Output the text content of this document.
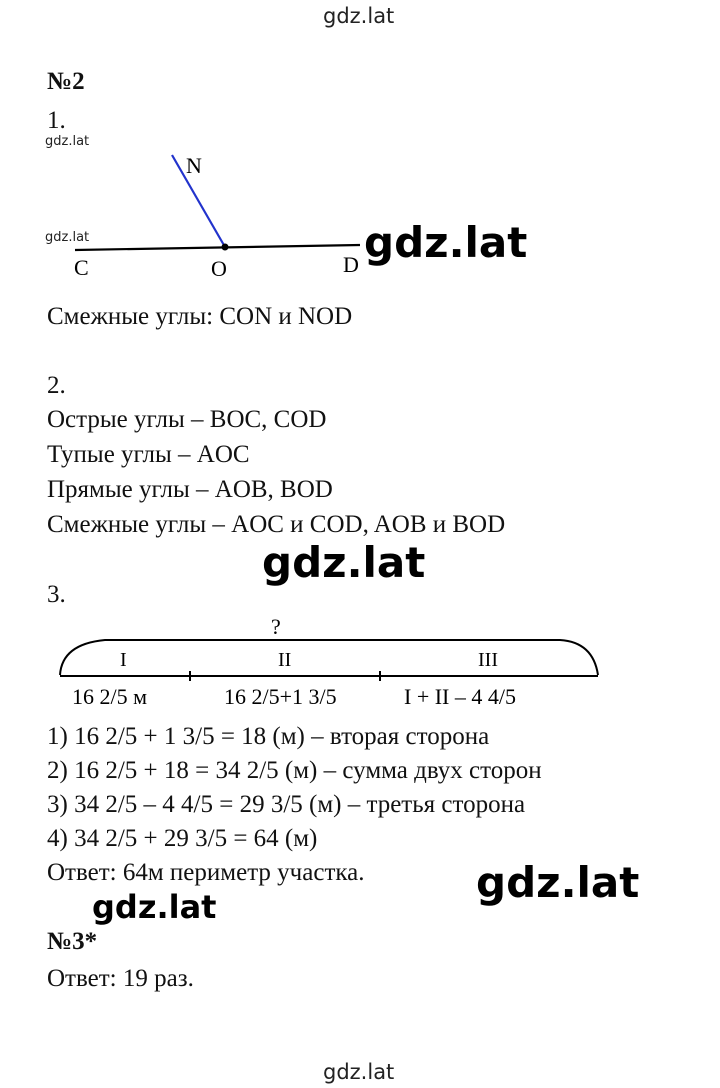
gdz.lat
№2
1.
gdz.lat
gdz.lat
N
C	O	D gdz.lat
Смежные углы: CON и NOD
2.
Острые углы – BOC, COD
Тупые углы – AOC
Прямые углы – AOB, BOD
Смежные углы – AOC и COD, AOB и BOD
gdz.lat
3.
?
I	II	III
16 2/5 м	16 2/5+1 3/5	I + II – 4 4/5
1) 16 2/5 + 1 3/5 = 18 (м) – вторая сторона
2) 16 2/5 + 18 = 34 2/5 (м) – сумма двух сторон
3) 34 2/5 – 4 4/5 = 29 3/5 (м) – третья сторона
4) 34 2/5 + 29 3/5 = 64 (м)
Ответ: 64м периметр участка.	gdz.lat
gdz.lat
№3*
Ответ: 19 раз.
gdz.lat
